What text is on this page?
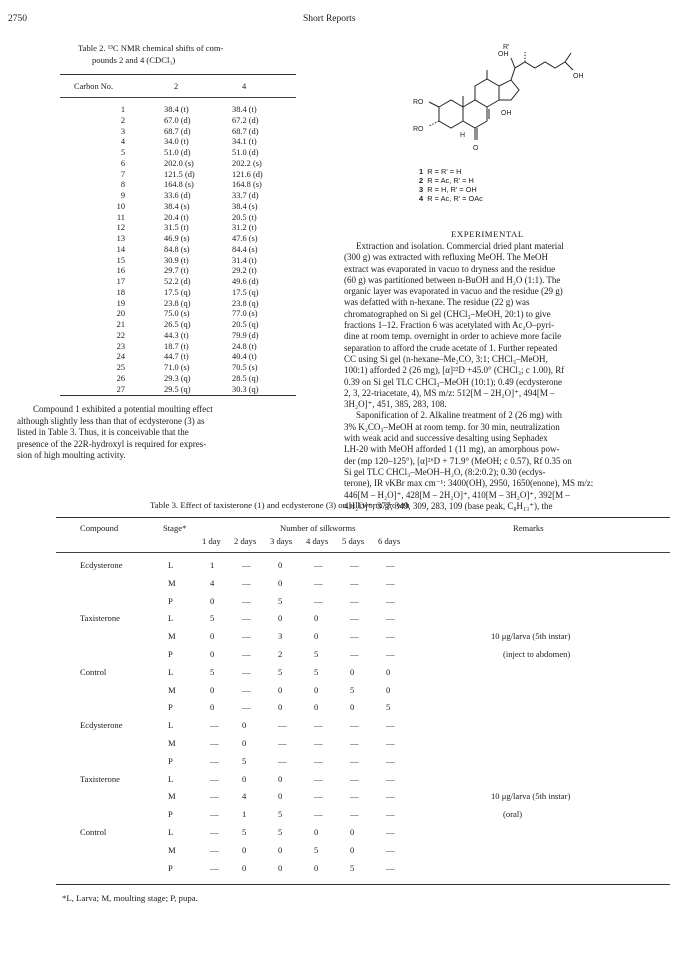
2750	Short Reports
Table 2. ¹³C NMR chemical shifts of com-
pounds 2 and 4 (CDCl₃)
Carbon No.	2	4
1	38.4 (t)	38.4 (t)
2	67.0 (d)	67.2 (d)
3	68.7 (d)	68.7 (d)
4	34.0 (t)	34.1 (t)
5	51.0 (d)	51.0 (d)
6	202.0 (s)	202.2 (s)
7	121.5 (d)	121.6 (d)
8	164.8 (s)	164.8 (s)
9	33.6 (d)	33.7 (d)
10	38.4 (s)	38.4 (s)
11	20.4 (t)	20.5 (t)
12	31.5 (t)	31.2 (t)
13	46.9 (s)	47.6 (s)
14	84.8 (s)	84.4 (s)
15	30.9 (t)	31.4 (t)
16	29.7 (t)	29.2 (t)
17	52.2 (d)	49.6 (d)
18	17.5 (q)	17.5 (q)
19	23.8 (q)	23.8 (q)
20	75.0 (s)	77.0 (s)
21	26.5 (q)	20.5 (q)
22	44.3 (t)	79.9 (d)
23	18.7 (t)	24.8 (t)
24	44.7 (t)	40.4 (t)
25	71.0 (s)	70.5 (s)
26	29.3 (q)	28.5 (q)
27	29.5 (q)	30.3 (q)
R'
OH
OH
OH
RO
RO
H
O
1 R = R' = H
2 R = Ac, R' = H
3 R = H, R' = OH
4 R = Ac, R' = OAc
EXPERIMENTAL
Extraction and isolation. Commercial dried plant material
(300 g) was extracted with refluxing MeOH. The MeOH
extract was evaporated in vacuo to dryness and the residue
(60 g) was partitioned between n-BuOH and H₂O (1:1). The
organic layer was evaporated in vacuo and the residue (29 g)
was defatted with n-hexane. The residue (22 g) was
chromatographed on Si gel (CHCl₃–MeOH, 20:1) to give
fractions 1–12. Fraction 6 was acetylated with Ac₂O–pyri-
dine at room temp. overnight in order to achieve more facile
separation to afford the crude acetate of 1. Further repeated
CC using Si gel (n-hexane–Me₂CO, 3:1; CHCl₃–MeOH,
100:1) afforded 2 (26 mg), [α]²²D +45.0° (CHCl₃; c 1.00), Rf
0.39 on Si gel TLC CHCl₃–MeOH (10:1); 0.49 (ecdysterone
2, 3, 22-triacetate, 4), MS m/z: 512[M – 2H₂O]⁺, 494[M –
3H₂O]⁺, 451, 385, 283, 108.
Saponification of 2. Alkaline treatment of 2 (26 mg) with
3% K₂CO₃–MeOH at room temp. for 30 min, neutralization
with weak acid and successive desalting using Sephadex
LH-20 with MeOH afforded 1 (11 mg), an amorphous pow-
der (mp 120–125°), [α]²⁶D + 71.9° (MeOH; c 0.57), Rf 0.35 on
Si gel TLC CHCl₃–MeOH–H₂O, (8:2:0.2); 0.30 (ecdys-
terone), IR νKBr max cm⁻¹: 3400(OH), 2950, 1650(enone), MS m/z:
446[M – H₂O]⁺, 428[M – 2H₂O]⁺, 410[M – 3H₂O]⁺, 392[M –
4H₂O]⁺, 377, 349, 309, 283, 109 (base peak, C₈H₁₃⁺), the
Compound 1 exhibited a potential moulting effect
although slightly less than that of ecdysterone (3) as
listed in Table 3. Thus, it is conceivable that the
presence of the 22R-hydroxyl is required for expres-
sion of high moulting activity.
Table 3. Effect of taxisterone (1) and ecdysterone (3) on silkworm growth
Compound	Stage*	Number of silkworms	Remarks
1 day 2 days 3 days 4 days 5 days 6 days
Ecdysterone	L	1	—	0	—	—	—
M	4	—	0	—	—	—
P	0	—	5	—	—	—
Taxisterone	L	5	—	0	0	—	—
M	0	—	3	0	—	—	10 μg/larva (5th instar)
P	0	—	2	5	—	—	(inject to abdomen)
Control	L	5	—	5	5	0	0
M	0	—	0	0	5	0
P	0	—	0	0	0	5
Ecdysterone	L	—	0	—	—	—	—
M	—	0	—	—	—	—
P	—	5	—	—	—	—
Taxisterone	L	—	0	0	—	—	—
M	—	4	0	—	—	—	10 μg/larva (5th instar)
P	—	1	5	—	—	—	(oral)
Control	L	—	5	5	0	0	—
M	—	0	0	5	0	—
P	—	0	0	0	5	—
*L, Larva; M, moulting stage; P, pupa.
